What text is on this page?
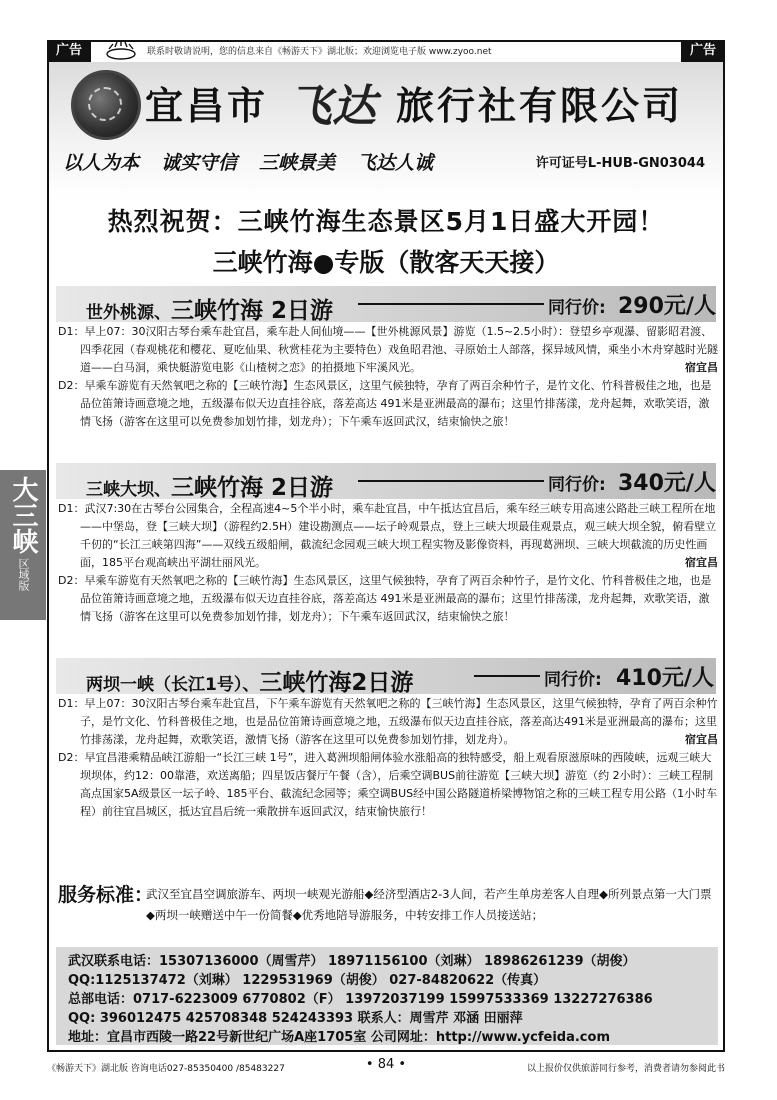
广告	联系时敬请说明，您的信息来自《畅游天下》湖北版；欢迎浏览电子版 www.zyoo.net	广告
宜昌市 飞达 旅行社有限公司
以人为本 诚实守信 三峡景美 飞达人诚	许可证号L-HUB-GN03044
热烈祝贺：三峡竹海生态景区5月1日盛大开园！
三峡竹海●专版（散客天天接）
世外桃源、三峡竹海 2日游	同行价: 290元/人

D1：早上07：30汉阳古琴台乘车赴宜昌，乘车赴人间仙境——【世外桃源风景】游览（1.5~2.5小时）：登望乡亭观瀑、留影昭君渡、四季花园（春观桃花和樱花、夏吃仙果、秋赏桂花为主要特色）戏鱼昭君池、寻原始土人部落，探异域风情，乘坐小木舟穿越时光隧道——白马洞，乘快艇游览电影《山楂树之恋》的拍摄地下牢溪风光。	宿宜昌

D2：早乘车游览有天然氧吧之称的【三峡竹海】生态风景区，这里气候独特，孕育了两百余种竹子，是竹文化、竹科普极佳之地，也是品位笛箫诗画意境之地，五级瀑布似天边直挂谷底，落差高达 491米是亚洲最高的瀑布；这里竹排荡漾，龙舟起舞，欢歌笑语，激情飞扬（游客在这里可以免费参加划竹排，划龙舟）；下午乘车返回武汉，结束愉快之旅！

三峡大坝、三峡竹海 2日游	同行价: 340元/人

D1：武汉7:30在古琴台公园集合，全程高速4~5个半小时，乘车赴宜昌，中午抵达宜昌后，乘车经三峡专用高速公路赴三峡工程所在地——中堡岛，登【三峡大坝】（游程约2.5H）建设勘测点——坛子岭观景点，登上三峡大坝最佳观景点，观三峡大坝全貌，俯看壁立千仞的“长江三峡第四海”——双线五级船闸，截流纪念园观三峡大坝工程实物及影像资料，再现葛洲坝、三峡大坝截流的历史性画面，185平台观高峡出平湖壮丽风光。	宿宜昌

D2：早乘车游览有天然氧吧之称的【三峡竹海】生态风景区，这里气候独特，孕育了两百余种竹子，是竹文化、竹科普极佳之地，也是品位笛箫诗画意境之地，五级瀑布似天边直挂谷底，落差高达 491米是亚洲最高的瀑布；这里竹排荡漾，龙舟起舞，欢歌笑语，激情飞扬（游客在这里可以免费参加划竹排，划龙舟）；下午乘车返回武汉，结束愉快之旅！

两坝一峡（长江1号）、三峡竹海2日游	同行价: 410元/人

D1：早上07：30汉阳古琴台乘车赴宜昌，下午乘车游览有天然氧吧之称的【三峡竹海】生态风景区，这里气候独特，孕育了两百余种竹子，是竹文化、竹科普极佳之地，也是品位笛箫诗画意境之地，五级瀑布似天边直挂谷底，落差高达491米是亚洲最高的瀑布；这里竹排荡漾，龙舟起舞，欢歌笑语，激情飞扬（游客在这里可以免费参加划竹排，划龙舟）。	宿宜昌

D2：早宜昌港乘精品峡江游船一“长江三峡 1号”，进入葛洲坝船闸体验水涨船高的独特感受，船上观看原滋原味的西陵峡，远观三峡大坝坝体，约12：00靠港，欢送离船；四星饭店餐厅午餐（含），后乘空调BUS前往游览【三峡大坝】游览（约 2小时）：三峡工程制高点国家5A级景区一坛子岭、185平台、截流纪念园等；乘空调BUS经中国公路隧道桥梁博物馆之称的三峡工程专用公路（1小时车程）前往宜昌城区，抵达宜昌后统一乘散拼车返回武汉，结束愉快旅行！

大三峡
区域版
服务标准：
武汉至宜昌空调旅游车、两坝一峡观光游船◆经济型酒店2-3人间，若产生单房差客人自理◆所列景点第一大门票◆两坝一峡赠送中午一份简餐◆优秀地陪导游服务，中转安排工作人员接送站；
武汉联系电话：15307136000（周雪芹） 18971156100（刘琳） 18986261239（胡俊）
QQ:1125137472（刘琳） 1229531969（胡俊） 027-84820622（传真）
总部电话：0717-6223009 6770802（F） 13972037199 15997533369 13227276386
QQ: 396012475 425708348 524243393 联系人：周雪芹 邓涵 田丽萍
地址：宜昌市西陵一路22号新世纪广场A座1705室 公司网址：http://www.ycfeida.com
《畅游天下》湖北版 咨询电话027-85350400 /85483227	• 84 •	以上报价仅供旅游同行参考，消费者请勿参阅此书
